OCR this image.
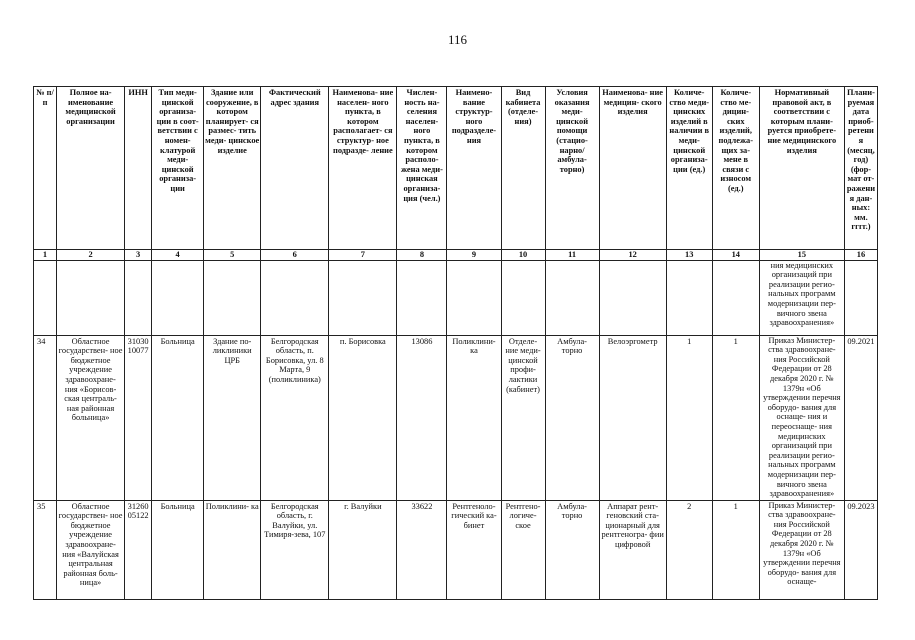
116
№ п/п	Полное на-именование медицинской организации	ИНН	Тип меди- цинской организа- ции в соот- ветствии с номен- клатурой меди- цинской организа- ции	Здание или сооружение, в котором планирует- ся размес- тить меди- цинское изделие	Фактический адрес здания	Наименова- ние населен- ного пункта, в котором располагает- ся структур- ное подразде- ление	Числен- ность на- селения населен- ного пункта, в котором располо- жена меди- цинская организа- ция (чел.)	Наимено- вание структур- ного подразделе- ния	Вид кабинета (отделе- ния)	Условия оказания меди- цинской помощи (стацио- нарно/ амбула- торно)	Наименова- ние медицин- ского изделия	Количе- ство меди- цинских изделий в наличии в меди- цинской организа- ции (ед.)	Количе- ство ме- дицин- ских изделий, подлежа- щих за- мене в связи с износом (ед.)	Нормативный правовой акт, в соответствии с которым плани- руется приобрете- ние медицинского изделия	Плани- руемая дата приоб- ретения (месяц, год) (фор- мат от- ражения дан- ных: мм. гггг.)
1	2	3	4	5	6	7	8	9	10	11	12	13	14	15	16
														ния медицинских организаций при реализации регио- нальных программ модернизации пер- вичного звена здравоохранения»	
34	Областное государствен- ное бюджетное учреждение здравоохране- ния «Борисов- ская централь- ная районная больница»	31030 10077	Больница	Здание по- ликлиники ЦРБ	Белгородская область, п. Борисовка, ул. 8 Марта, 9 (поликлиника)	п. Борисовка	13086	Поликлини- ка	Отделе- ние меди- цинской профи- лактики (кабинет)	Амбула- торно	Велоэргометр	1	1	Приказ Министер- ства здравоохране- ния Российской Федерации от 28 декабря 2020 г. № 1379н «Об утверждении перечня оборудо- вания для оснаще- ния и переоснаще- ния медицинских организаций при реализации регио- нальных программ модернизации пер- вичного звена здравоохранения»	09.2021
35	Областное государствен- ное бюджетное учреждение здравоохране- ния «Валуйская центральная районная боль- ница»	31260 05122	Больница	Поликлини- ка	Белгородская область, г. Валуйки, ул. Тимиря-зева, 107	г. Валуйки	33622	Рентгеноло- гический ка- бинет	Рентгено- логиче- ское	Амбула- торно	Аппарат рент- геновский ста- ционарный для рентгеногра- фии цифровой	2	1	Приказ Министер- ства здравоохране- ния Российской Федерации от 28 декабря 2020 г. № 1379н «Об утверждении перечня оборудо- вания для оснаще-	09.2023
